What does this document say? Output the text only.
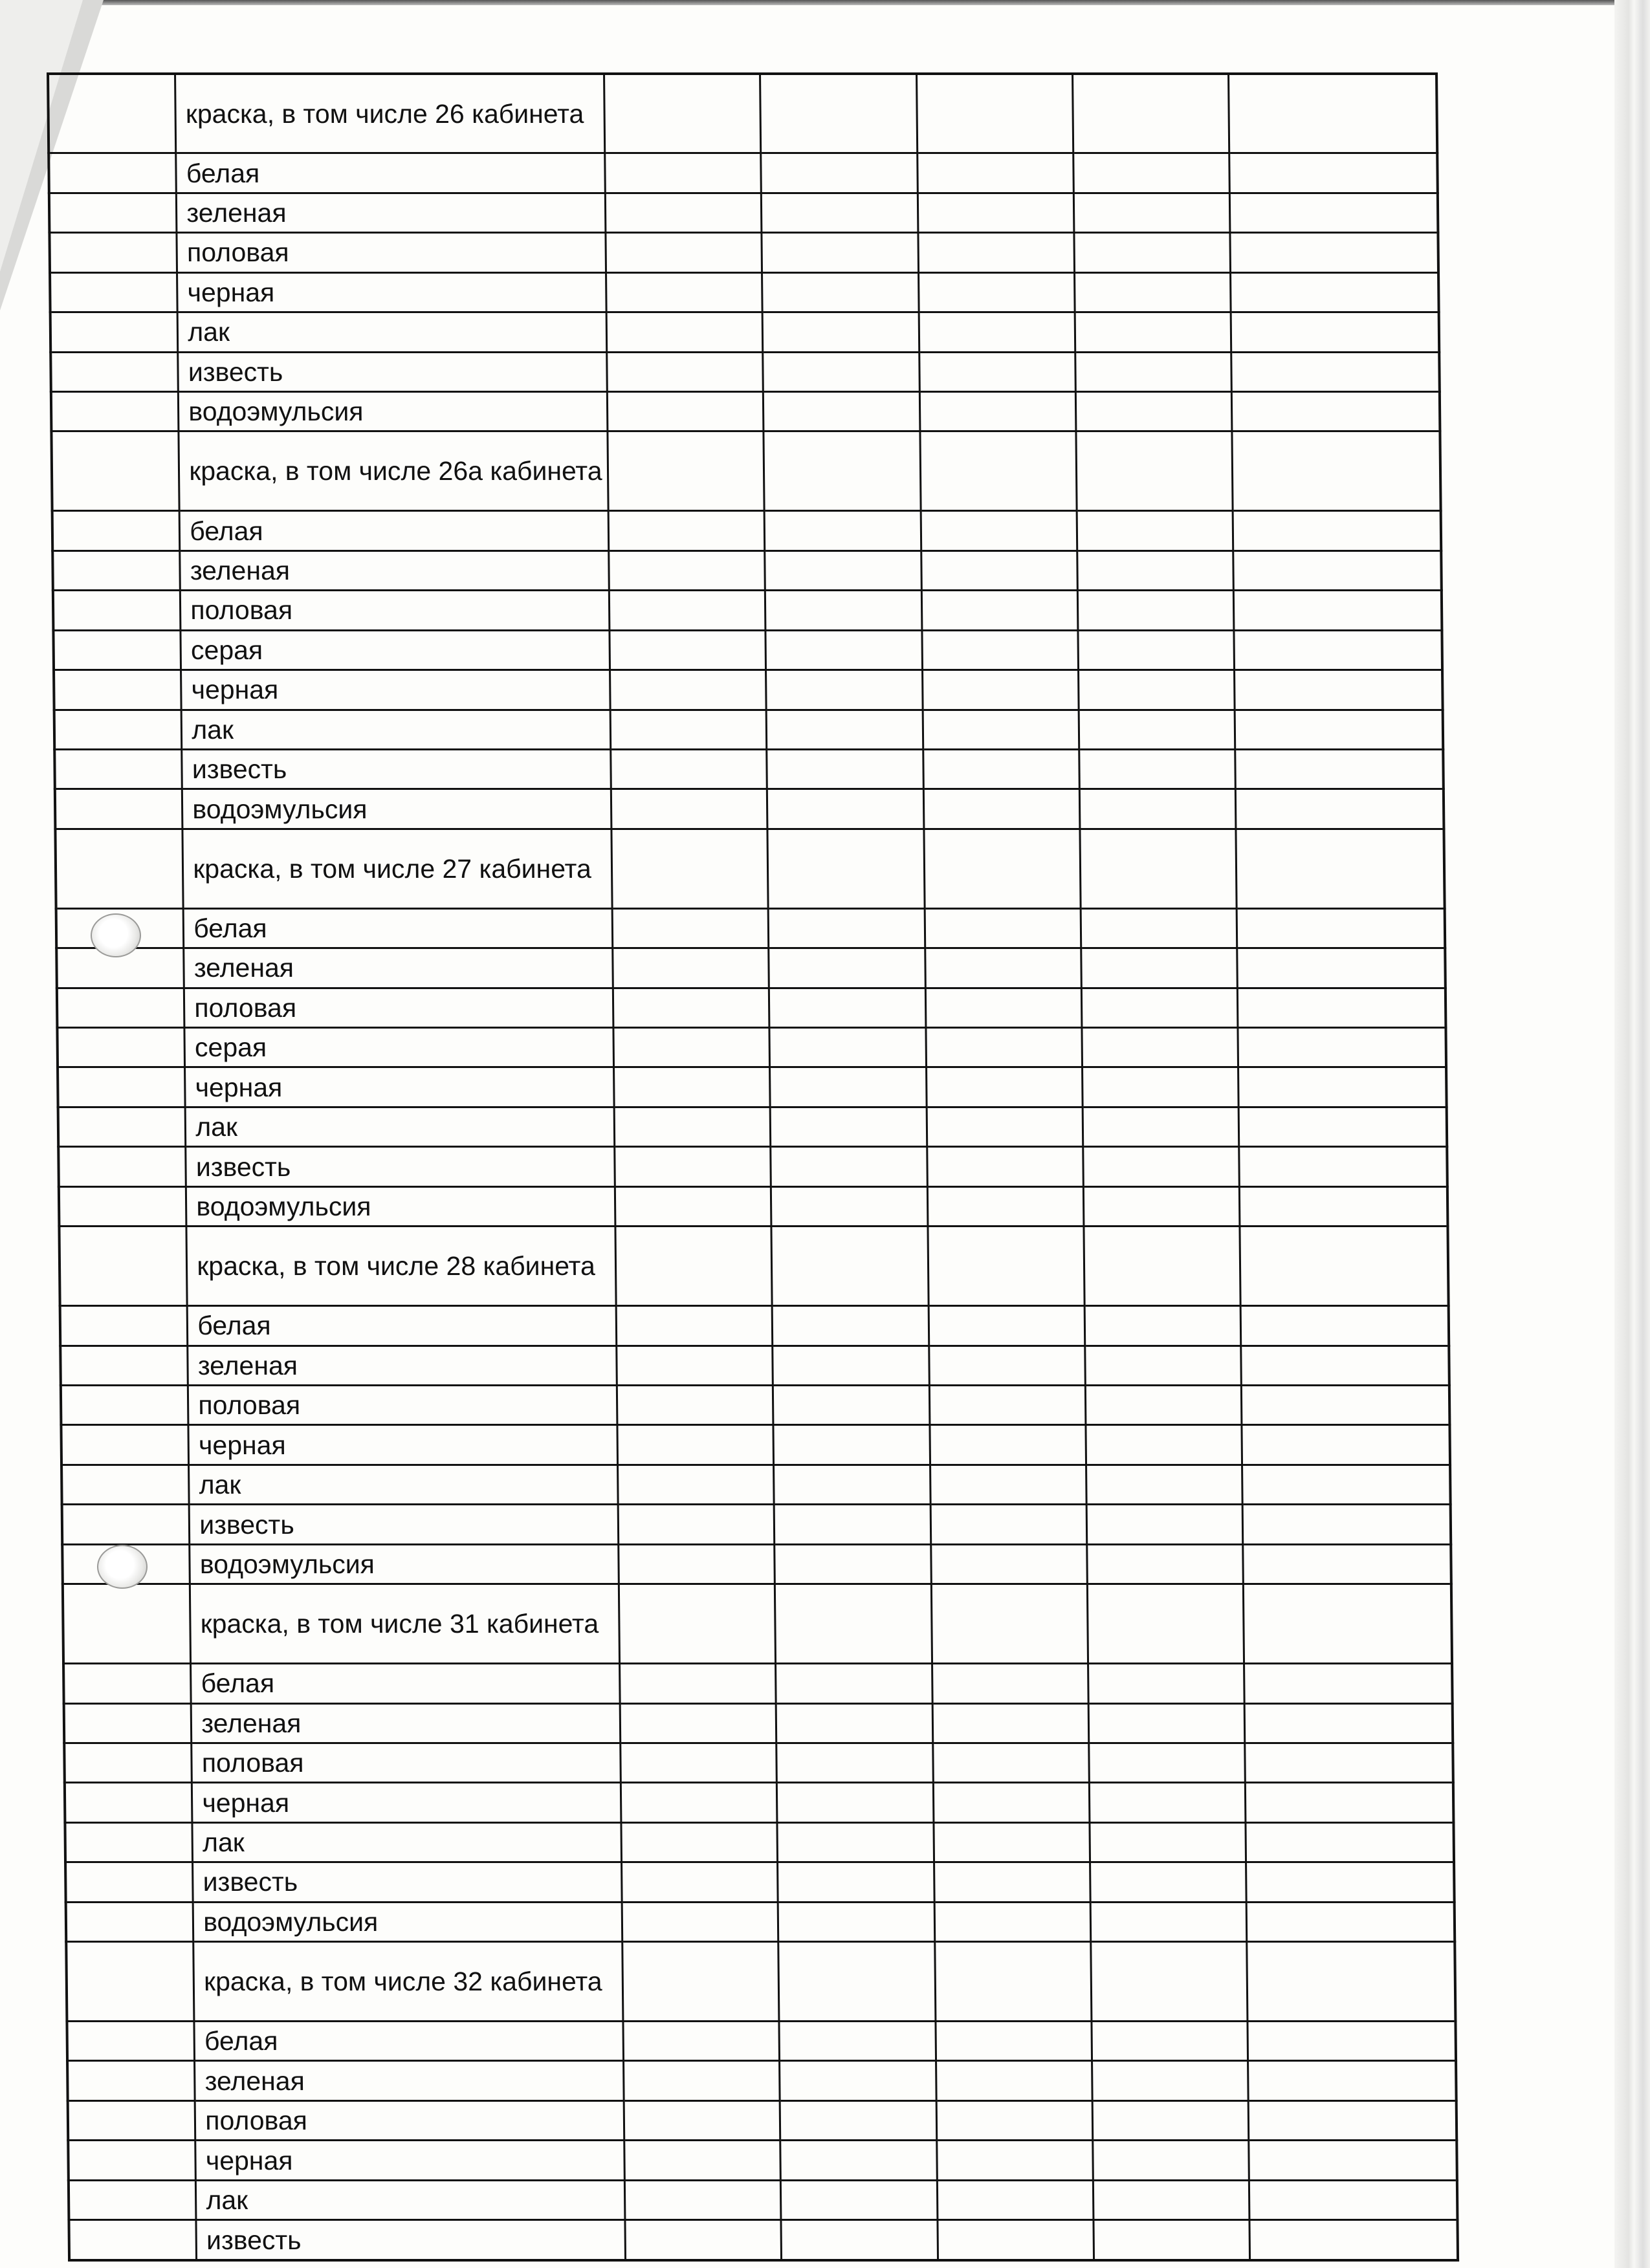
	краска, в том числе 26 кабинета					
	белая					
	зеленая					
	половая					
	черная					
	лак					
	известь					
	водоэмульсия					
	краска, в том числе 26а кабинета					
	белая					
	зеленая					
	половая					
	серая					
	черная					
	лак					
	известь					
	водоэмульсия					
	краска, в том числе 27 кабинета					
	белая					
	зеленая					
	половая					
	серая					
	черная					
	лак					
	известь					
	водоэмульсия					
	краска, в том числе 28 кабинета					
	белая					
	зеленая					
	половая					
	черная					
	лак					
	известь					
	водоэмульсия					
	краска, в том числе 31 кабинета					
	белая					
	зеленая					
	половая					
	черная					
	лак					
	известь					
	водоэмульсия					
	краска, в том числе 32 кабинета					
	белая					
	зеленая					
	половая					
	черная					
	лак					
	известь					
